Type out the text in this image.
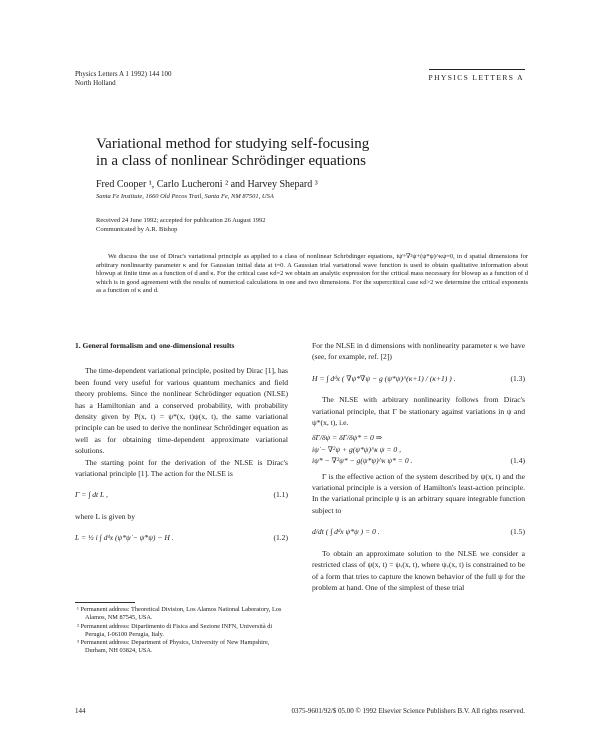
Physics Letters A 1 1992) 144 100
North Holland
PHYSICS LETTERS A
Variational method for studying self-focusing
in a class of nonlinear Schrödinger equations
Fred Cooper ¹, Carlo Lucheroni ² and Harvey Shepard ³
Santa Fe Institute, 1660 Old Pecos Trail, Santa Fe, NM 87501, USA
Received 24 June 1992; accepted for publication 26 August 1992
Communicated by A.R. Bishop
We discuss the use of Dirac's variational principle as applied to a class of nonlinear Schrödinger equations, iψ̇+∇²ψ+(ψ*ψ)^κψ=0, in d spatial dimensions for arbitrary nonlinearity parameter κ and for Gaussian initial data at t=0. A Gaussian trial variational wave function is used to obtain qualitative information about blowup at finite time as a function of d and κ. For the critical case κd=2 we obtain an analytic expression for the critical mass necessary for blowup as a function of d which is in good agreement with the results of numerical calculations in one and two dimensions. For the supercritical case κd>2 we determine the critical exponents as a function of κ and d.

1. General formalism and one-dimensional results

The time-dependent variational principle, posited by Dirac [1], has been found very useful for various quantum mechanics and field theory problems. Since the nonlinear Schrödinger equation (NLSE) has a Hamiltonian and a conserved probability, with probability density given by P(x, t) = ψ*(x, t)ψ(x, t), the same variational principle can be used to derive the nonlinear Schrödinger equation as well as for obtaining time-dependent approximate variational solutions.

The starting point for the derivation of the NLSE is Dirac's variational principle [1]. The action for the NLSE is

Γ = ∫ dt L ,	(1.1)

where L is given by

L = ½ i ∫ dᵈx (ψ*ψ̇ − ψ̇*ψ) − H .	(1.2)

¹ Permanent address: Theoretical Division, Los Alamos National Laboratory, Los Alamos, NM 87545, USA.

² Permanent address: Dipartimento di Fisica and Sezione INFN, Università di Perugia, I-06100 Perugia, Italy.

³ Permanent address: Department of Physics, University of New Hampshire, Durham, NH 03824, USA.

For the NLSE in d dimensions with nonlinearity parameter κ we have (see, for example, ref. [2])

H = ∫ dᵈx ( ∇ψ*∇ψ − g (ψ*ψ)^(κ+1) / (κ+1) ) .	(1.3)

The NLSE with arbitrary nonlinearity follows from Dirac's variational principle, that Γ be stationary against variations in ψ and ψ*(x, t), i.e.

δΓ/δψ = δΓ/δψ* = 0 ⇒
iψ̇ − ∇²ψ + g(ψ*ψ)^κ ψ = 0 ,
iψ̇* − ∇²ψ* − g(ψ*ψ)^κ ψ* = 0 .	(1.4)

Γ is the effective action of the system described by ψ(x, t) and the variational principle is a version of Hamilton's least-action principle. In the variational principle ψ is an arbitrary square integrable function subject to

d/dt ( ∫ dᵈx ψ*ψ ) = 0 .	(1.5)

To obtain an approximate solution to the NLSE we consider a restricted class of ψ(x, t) = ψᵥ(x, t), where ψᵥ(x, t) is constrained to be of a form that tries to capture the known behavior of the full ψ for the problem at hand. One of the simplest of these trial

144	0375-9601/92/$ 05.00 © 1992 Elsevier Science Publishers B.V. All rights reserved.
